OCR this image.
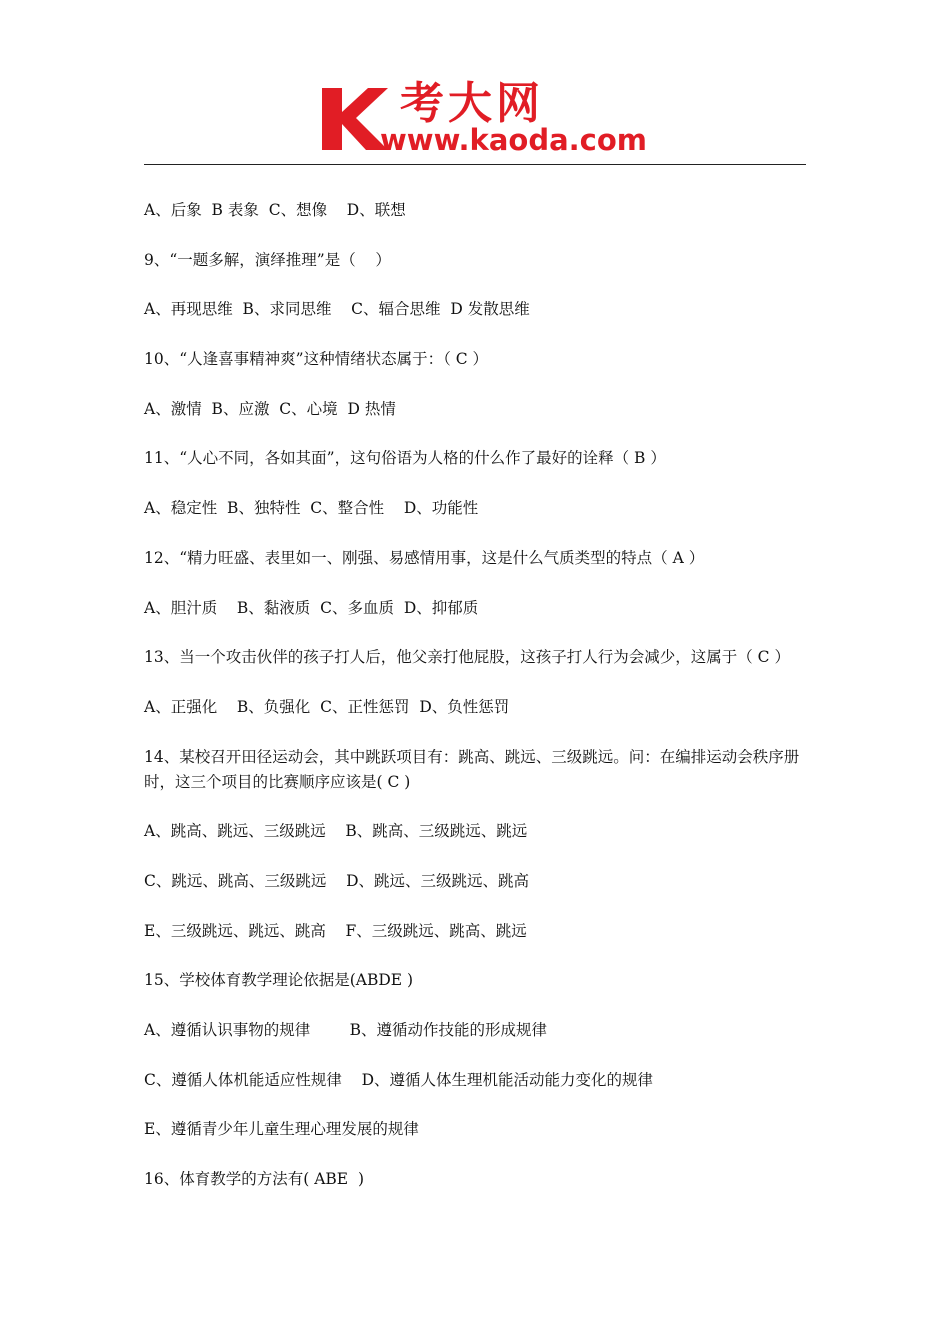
考大网
www.kaoda.com
A、后象  B 表象  C、想像    D、联想
9、“一题多解，演绎推理”是（    ）
A、再现思维  B、求同思维    C、辐合思维  D 发散思维
10、“人逢喜事精神爽”这种情绪状态属于：（ C ）
A、激情  B、应激  C、心境  D 热情
11、“人心不同，各如其面”，这句俗语为人格的什么作了最好的诠释（ B ）
A、稳定性  B、独特性  C、整合性    D、功能性
12、“精力旺盛、表里如一、刚强、易感情用事，这是什么气质类型的特点（ A ）
A、胆汁质    B、黏液质  C、多血质  D、抑郁质
13、当一个攻击伙伴的孩子打人后，他父亲打他屁股，这孩子打人行为会减少，这属于（ C ）
A、正强化    B、负强化  C、正性惩罚  D、负性惩罚
14、某校召开田径运动会，其中跳跃项目有：跳高、跳远、三级跳远。问：在编排运动会秩序册时，这三个项目的比赛顺序应该是( C )
A、跳高、跳远、三级跳远    B、跳高、三级跳远、跳远
C、跳远、跳高、三级跳远    D、跳远、三级跳远、跳高
E、三级跳远、跳远、跳高    F、三级跳远、跳高、跳远
15、学校体育教学理论依据是(ABDE )
A、遵循认识事物的规律        B、遵循动作技能的形成规律
C、遵循人体机能适应性规律    D、遵循人体生理机能活动能力变化的规律
E、遵循青少年儿童生理心理发展的规律
16、体育教学的方法有( ABE  )
